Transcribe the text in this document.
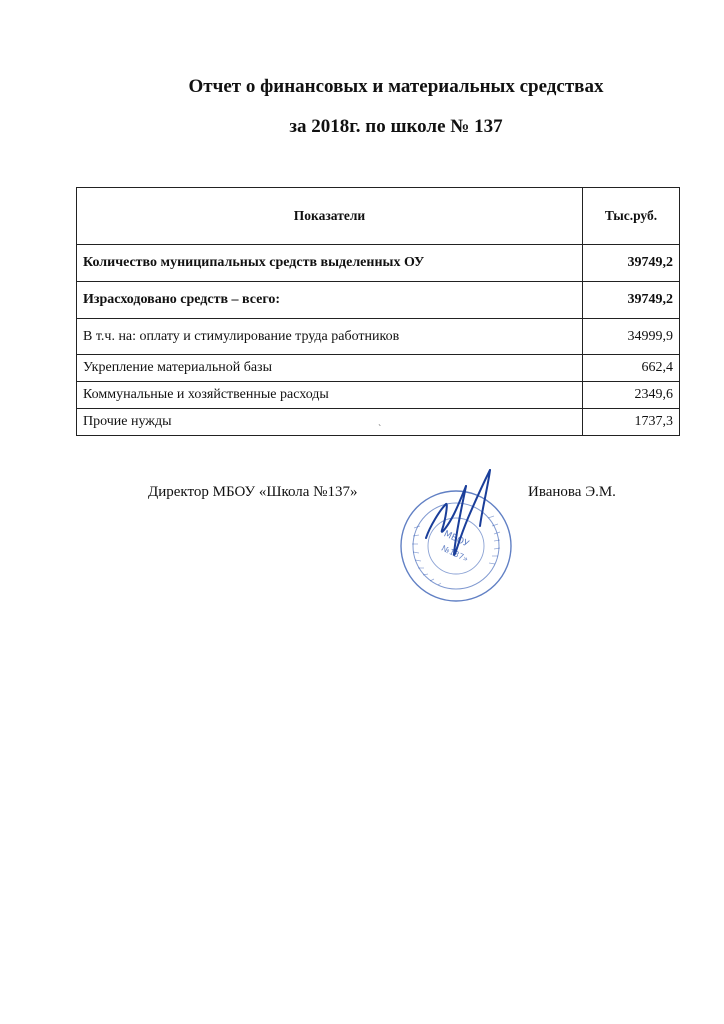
Отчет о финансовых и материальных средствах
за 2018г. по школе № 137
Показатели	Тыс.руб.
Количество муниципальных средств выделенных ОУ	39749,2
Израсходовано средств – всего:	39749,2
В т.ч. на: оплату и стимулирование труда работников	34999,9
Укрепление материальной базы	662,4
Коммунальные и хозяйственные расходы	2349,6
Прочие нужды	1737,3
Директор МБОУ «Школа №137»	Иванова Э.М.
МБОУ
№137»
`
